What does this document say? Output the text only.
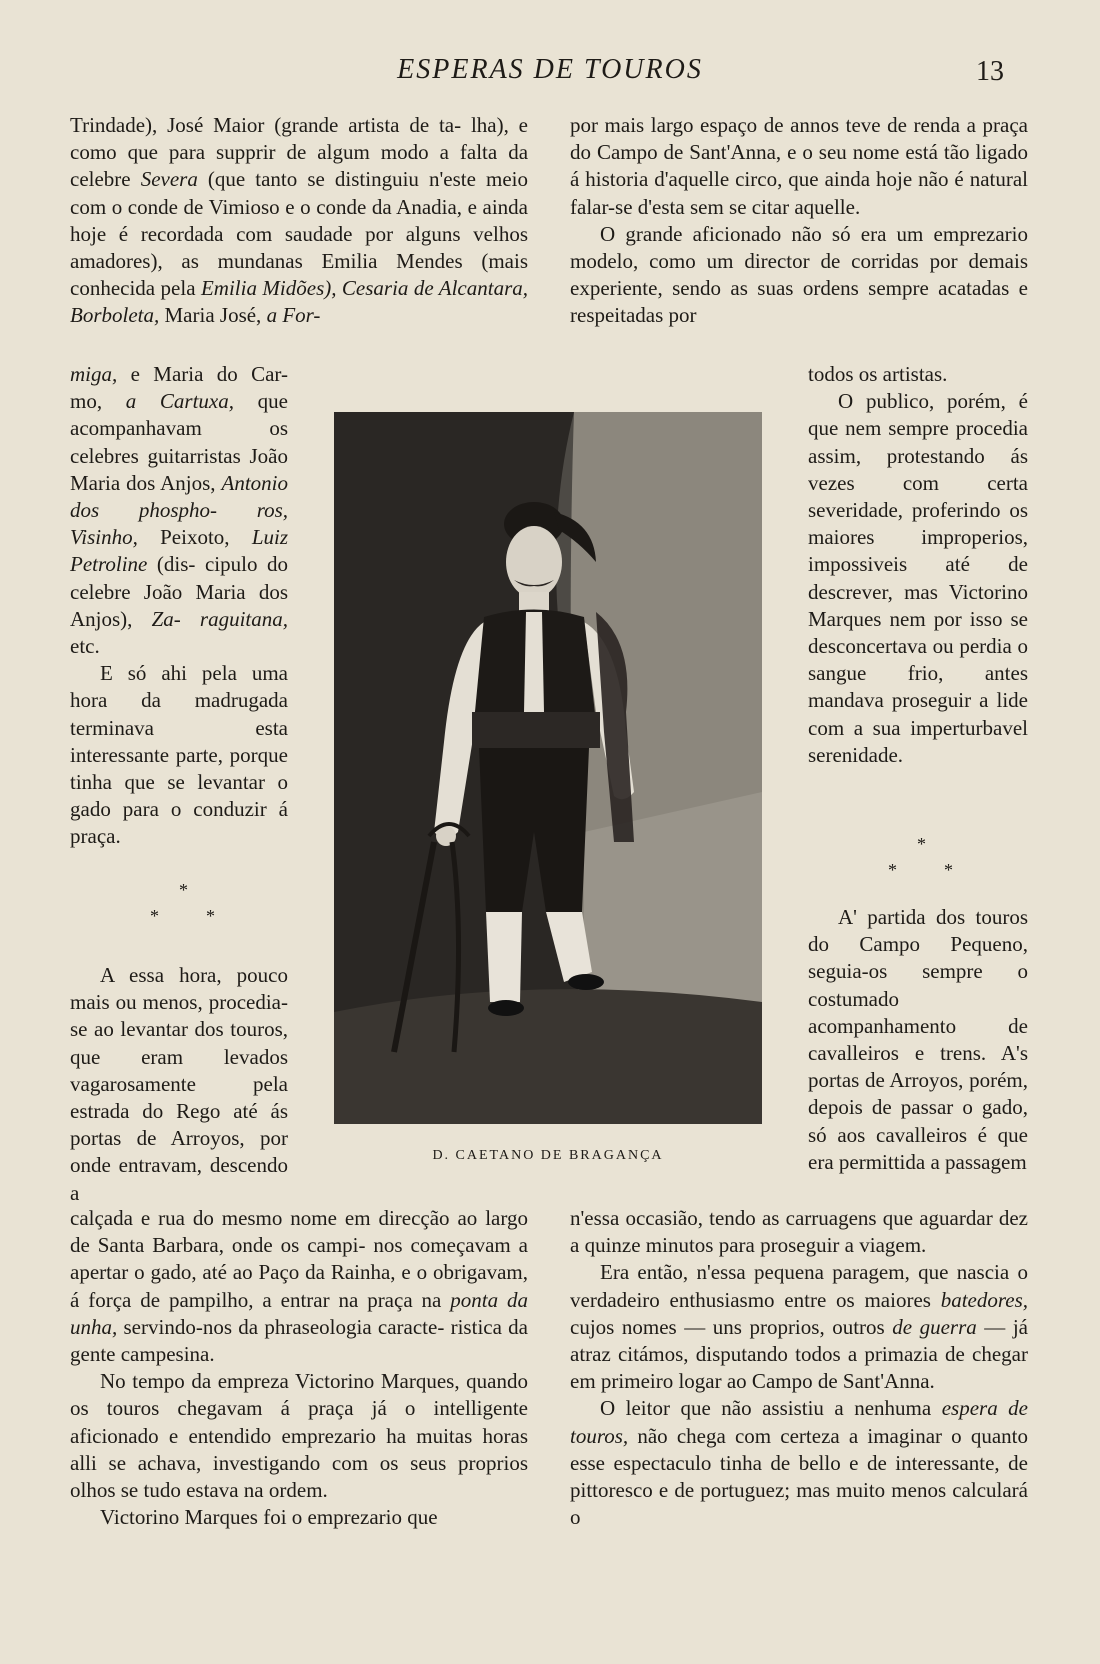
ESPERAS DE TOUROS	13

Trindade), José Maior (grande artista de ta- lha), e como que para supprir de algum modo a falta da celebre Severa (que tanto se distinguiu n'este meio com o conde de Vimioso e o conde da Anadia, e ainda hoje é recordada com saudade por alguns velhos amadores), as mundanas Emilia Mendes (mais conhecida pela Emilia Midões), Cesaria de Alcantara, Borboleta, Maria José, a For-

miga, e Maria do Car- mo, a Cartuxa, que acompanhavam os celebres guitarristas João Maria dos Anjos, Antonio dos phospho- ros, Visinho, Peixoto, Luiz Petroline (dis- cipulo do celebre João Maria dos Anjos), Za- raguitana, etc.

E só ahi pela uma hora da madrugada terminava esta interessante parte, porque tinha que se levantar o gado para o conduzir á praça.

*
*	*

A essa hora, pouco mais ou menos, procedia-se ao levantar dos touros, que eram levados vagarosamente pela estrada do Rego até ás portas de Arroyos, por onde entravam, descendo a

calçada e rua do mesmo nome em direcção ao largo de Santa Barbara, onde os campi- nos começavam a apertar o gado, até ao Paço da Rainha, e o obrigavam, á força de pampilho, a entrar na praça na ponta da unha, servindo-nos da phraseologia caracte- ristica da gente campesina.

No tempo da empreza Victorino Marques, quando os touros chegavam á praça já o intelligente aficionado e entendido emprezario ha muitas horas alli se achava, investigando com os seus proprios olhos se tudo estava na ordem.

Victorino Marques foi o emprezario que

por mais largo espaço de annos teve de renda a praça do Campo de Sant'Anna, e o seu nome está tão ligado á historia d'aquelle circo, que ainda hoje não é natural falar-se d'esta sem se citar aquelle.

O grande aficionado não só era um emprezario modelo, como um director de corridas por demais experiente, sendo as suas ordens sempre acatadas e respeitadas por

todos os artistas.

O publico, porém, é que nem sempre procedia assim, protestando ás vezes com certa severidade, proferindo os maiores improperios, impossiveis até de descrever, mas Victorino Marques nem por isso se desconcertava ou perdia o sangue frio, antes mandava proseguir a lide com a sua imperturbavel serenidade.

*
*	*

A' partida dos touros do Campo Pequeno, seguia-os sempre o costumado acompanhamento de cavalleiros e trens. A's portas de Arroyos, porém, depois de passar o gado, só aos cavalleiros é que era permittida a passagem

n'essa occasião, tendo as carruagens que aguardar dez a quinze minutos para proseguir a viagem.

Era então, n'essa pequena paragem, que nascia o verdadeiro enthusiasmo entre os maiores batedores, cujos nomes — uns proprios, outros de guerra — já atraz citámos, disputando todos a primazia de chegar em primeiro logar ao Campo de Sant'Anna.

O leitor que não assistiu a nenhuma espera de touros, não chega com certeza a imaginar o quanto esse espectaculo tinha de bello e de interessante, de pittoresco e de portuguez; mas muito menos calculará o

D. CAETANO DE BRAGANÇA
